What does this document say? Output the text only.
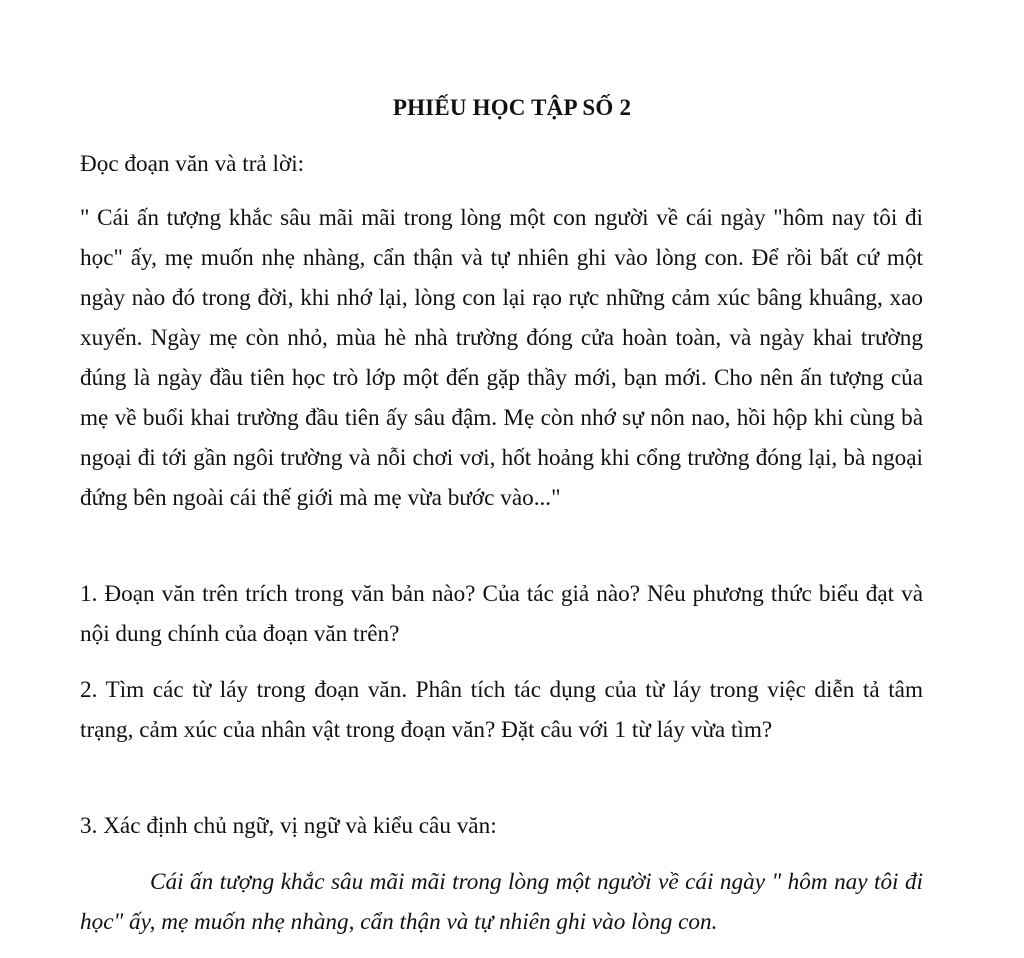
PHIẾU HỌC TẬP SỐ 2

Đọc đoạn văn và trả lời:

" Cái ấn tượng khắc sâu mãi mãi trong lòng một con người về cái ngày "hôm nay tôi đi học" ấy, mẹ muốn nhẹ nhàng, cẩn thận và tự nhiên ghi vào lòng con. Để rồi bất cứ một ngày nào đó trong đời, khi nhớ lại, lòng con lại rạo rực những cảm xúc bâng khuâng, xao xuyến. Ngày mẹ còn nhỏ, mùa hè nhà trường đóng cửa hoàn toàn, và ngày khai trường đúng là ngày đầu tiên học trò lớp một đến gặp thầy mới, bạn mới. Cho nên ấn tượng của mẹ về buổi khai trường đầu tiên ấy sâu đậm. Mẹ còn nhớ sự nôn nao, hồi hộp khi cùng bà ngoại đi tới gần ngôi trường và nỗi chơi vơi, hốt hoảng khi cổng trường đóng lại, bà ngoại đứng bên ngoài cái thế giới mà mẹ vừa bước vào..."

1. Đoạn văn trên trích trong văn bản nào? Của tác giả nào? Nêu phương thức biểu đạt và nội dung chính của đoạn văn trên?

2. Tìm các từ láy trong đoạn văn. Phân tích tác dụng của từ láy trong việc diễn tả tâm trạng, cảm xúc của nhân vật trong đoạn văn? Đặt câu với 1 từ láy vừa tìm?

3. Xác định chủ ngữ, vị ngữ và kiểu câu văn:

Cái ấn tượng khắc sâu mãi mãi trong lòng một người về cái ngày " hôm nay tôi đi học" ấy, mẹ muốn nhẹ nhàng, cẩn thận và tự nhiên ghi vào lòng con.
